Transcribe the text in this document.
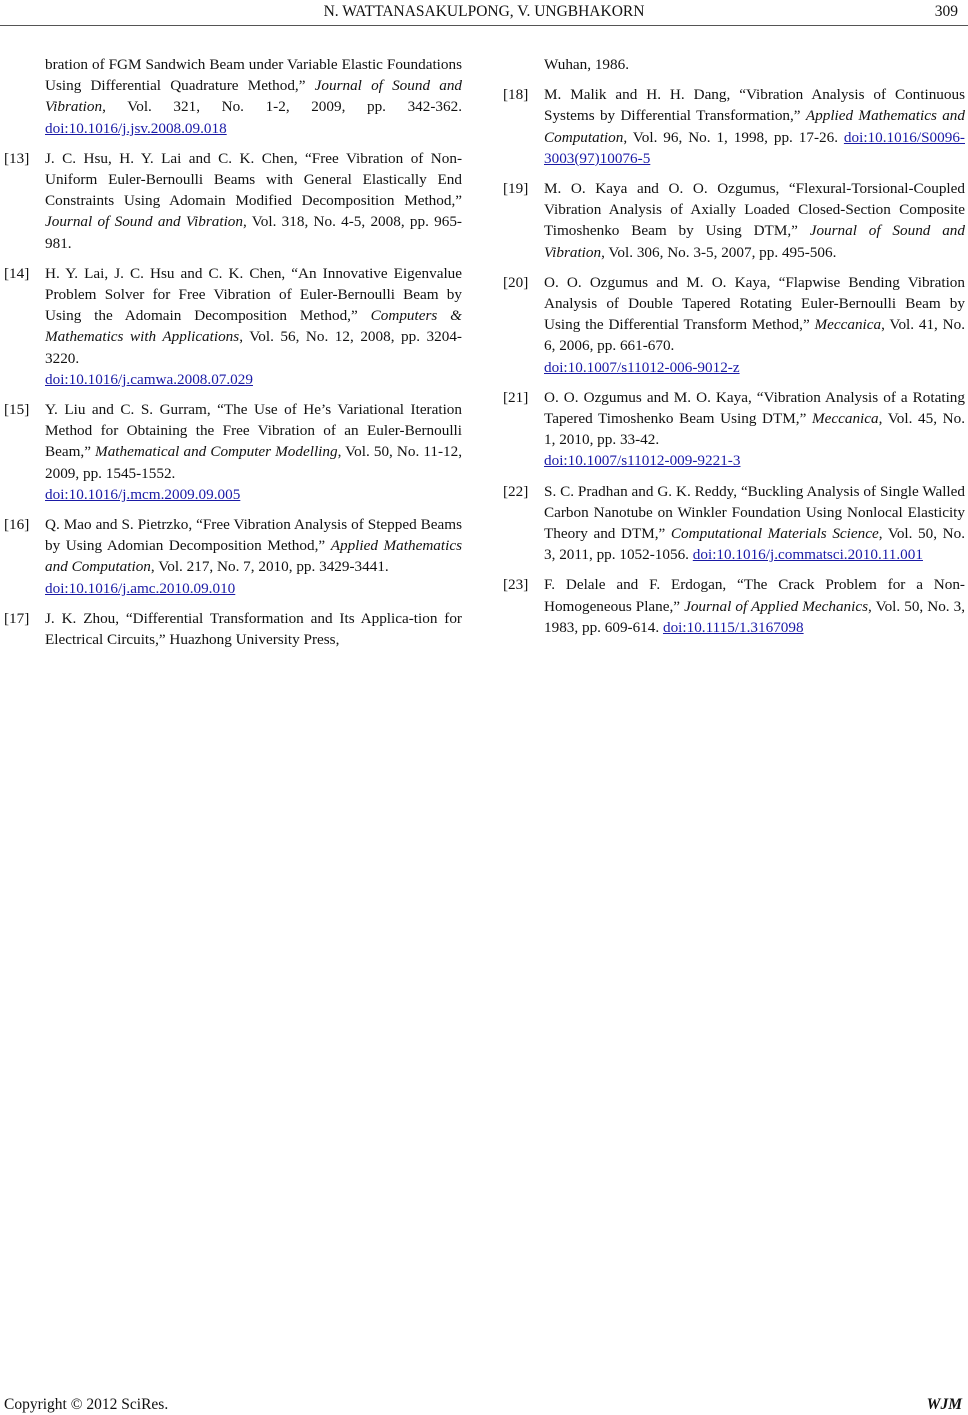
N. WATTANASAKULPONG, V. UNGBHAKORN	309
bration of FGM Sandwich Beam under Variable Elastic Foundations Using Differential Quadrature Method,” Journal of Sound and Vibration, Vol. 321, No. 1-2, 2009, pp. 342-362. doi:10.1016/j.jsv.2008.09.018
[13] J. C. Hsu, H. Y. Lai and C. K. Chen, “Free Vibration of Non-Uniform Euler-Bernoulli Beams with General Elastically End Constraints Using Adomain Modified Decomposition Method,” Journal of Sound and Vibration, Vol. 318, No. 4-5, 2008, pp. 965-981.
[14] H. Y. Lai, J. C. Hsu and C. K. Chen, “An Innovative Eigenvalue Problem Solver for Free Vibration of Euler-Bernoulli Beam by Using the Adomain Decomposition Method,” Computers & Mathematics with Applications, Vol. 56, No. 12, 2008, pp. 3204-3220.
doi:10.1016/j.camwa.2008.07.029
[15] Y. Liu and C. S. Gurram, “The Use of He’s Variational Iteration Method for Obtaining the Free Vibration of an Euler-Bernoulli Beam,” Mathematical and Computer Modelling, Vol. 50, No. 11-12, 2009, pp. 1545-1552.
doi:10.1016/j.mcm.2009.09.005
[16] Q. Mao and S. Pietrzko, “Free Vibration Analysis of Stepped Beams by Using Adomian Decomposition Method,” Applied Mathematics and Computation, Vol. 217, No. 7, 2010, pp. 3429-3441.
doi:10.1016/j.amc.2010.09.010
[17] J. K. Zhou, “Differential Transformation and Its Applica-tion for Electrical Circuits,” Huazhong University Press,
Wuhan, 1986.
[18] M. Malik and H. H. Dang, “Vibration Analysis of Continuous Systems by Differential Transformation,” Applied Mathematics and Computation, Vol. 96, No. 1, 1998, pp. 17-26. doi:10.1016/S0096-3003(97)10076-5
[19] M. O. Kaya and O. O. Ozgumus, “Flexural-Torsional-Coupled Vibration Analysis of Axially Loaded Closed-Section Composite Timoshenko Beam by Using DTM,” Journal of Sound and Vibration, Vol. 306, No. 3-5, 2007, pp. 495-506.
[20] O. O. Ozgumus and M. O. Kaya, “Flapwise Bending Vibration Analysis of Double Tapered Rotating Euler-Bernoulli Beam by Using the Differential Transform Method,” Meccanica, Vol. 41, No. 6, 2006, pp. 661-670.
doi:10.1007/s11012-006-9012-z
[21] O. O. Ozgumus and M. O. Kaya, “Vibration Analysis of a Rotating Tapered Timoshenko Beam Using DTM,” Meccanica, Vol. 45, No. 1, 2010, pp. 33-42.
doi:10.1007/s11012-009-9221-3
[22] S. C. Pradhan and G. K. Reddy, “Buckling Analysis of Single Walled Carbon Nanotube on Winkler Foundation Using Nonlocal Elasticity Theory and DTM,” Computational Materials Science, Vol. 50, No. 3, 2011, pp. 1052-1056. doi:10.1016/j.commatsci.2010.11.001
[23] F. Delale and F. Erdogan, “The Crack Problem for a Non-Homogeneous Plane,” Journal of Applied Mechanics, Vol. 50, No. 3, 1983, pp. 609-614. doi:10.1115/1.3167098
Copyright © 2012 SciRes.	WJM
